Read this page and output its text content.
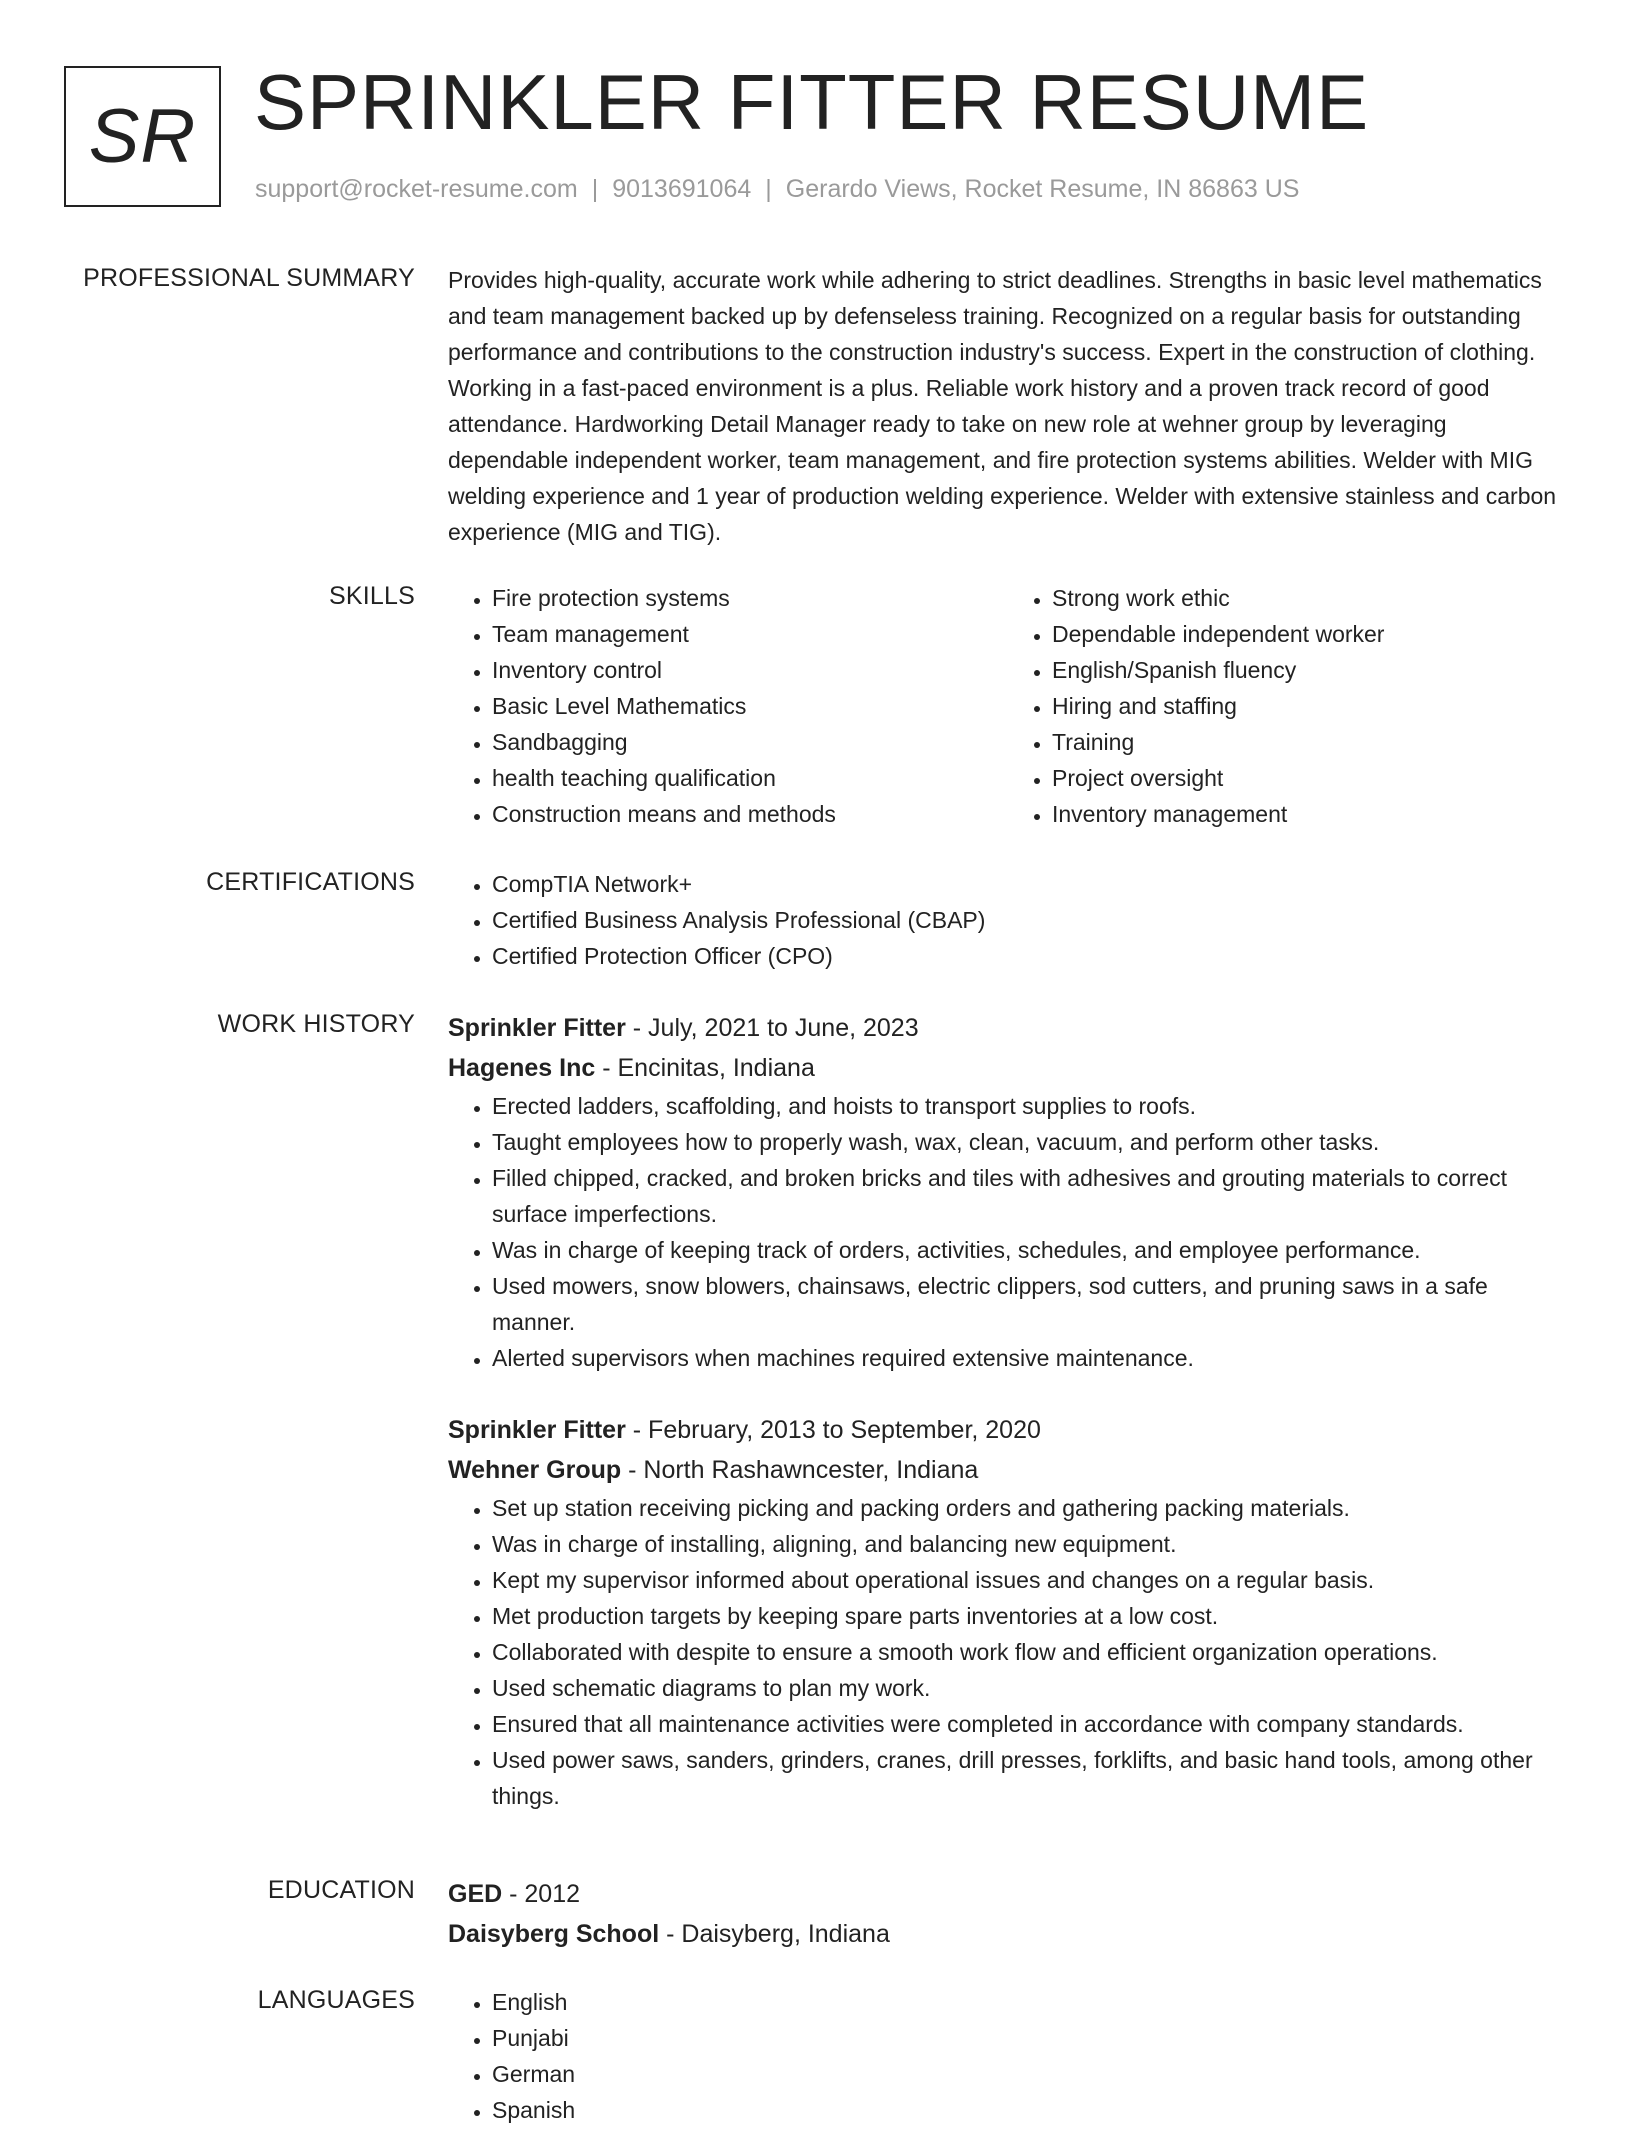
SR SPRINKLER FITTER RESUME
support@rocket-resume.com | 9013691064 | Gerardo Views, Rocket Resume, IN 86863 US
PROFESSIONAL SUMMARY Provides high-quality, accurate work while adhering to strict deadlines. Strengths in basic level mathematics and team management backed up by defenseless training. Recognized on a regular basis for outstanding performance and contributions to the construction industry's success. Expert in the construction of clothing. Working in a fast-paced environment is a plus. Reliable work history and a proven track record of good attendance. Hardworking Detail Manager ready to take on new role at wehner group by leveraging dependable independent worker, team management, and fire protection systems abilities. Welder with MIG welding experience and 1 year of production welding experience. Welder with extensive stainless and carbon experience (MIG and TIG).

SKILLS	• Fire protection systems
• Team management
• Inventory control
• Basic Level Mathematics
• Sandbagging
• health teaching qualification
• Construction means and methods
• Strong work ethic
• Dependable independent worker
• English/Spanish fluency
• Hiring and staffing
• Training
• Project oversight
• Inventory management
CERTIFICATIONS	• CompTIA Network+
• Certified Business Analysis Professional (CBAP)
• Certified Protection Officer (CPO)
WORK HISTORY Sprinkler Fitter - July, 2021 to June, 2023
Hagenes Inc - Encinitas, Indiana
• Erected ladders, scaffolding, and hoists to transport supplies to roofs.
• Taught employees how to properly wash, wax, clean, vacuum, and perform other tasks.
• Filled chipped, cracked, and broken bricks and tiles with adhesives and grouting materials to correct surface imperfections.
• Was in charge of keeping track of orders, activities, schedules, and employee performance.
• Used mowers, snow blowers, chainsaws, electric clippers, sod cutters, and pruning saws in a safe manner.
• Alerted supervisors when machines required extensive maintenance.
Sprinkler Fitter - February, 2013 to September, 2020
Wehner Group - North Rashawncester, Indiana
• Set up station receiving picking and packing orders and gathering packing materials.
• Was in charge of installing, aligning, and balancing new equipment.
• Kept my supervisor informed about operational issues and changes on a regular basis.
• Met production targets by keeping spare parts inventories at a low cost.
• Collaborated with despite to ensure a smooth work flow and efficient organization operations.
• Used schematic diagrams to plan my work.
• Ensured that all maintenance activities were completed in accordance with company standards.
• Used power saws, sanders, grinders, cranes, drill presses, forklifts, and basic hand tools, among other things.
EDUCATION GED - 2012
Daisyberg School - Daisyberg, Indiana
LANGUAGES	• English
• Punjabi
• German
• Spanish
